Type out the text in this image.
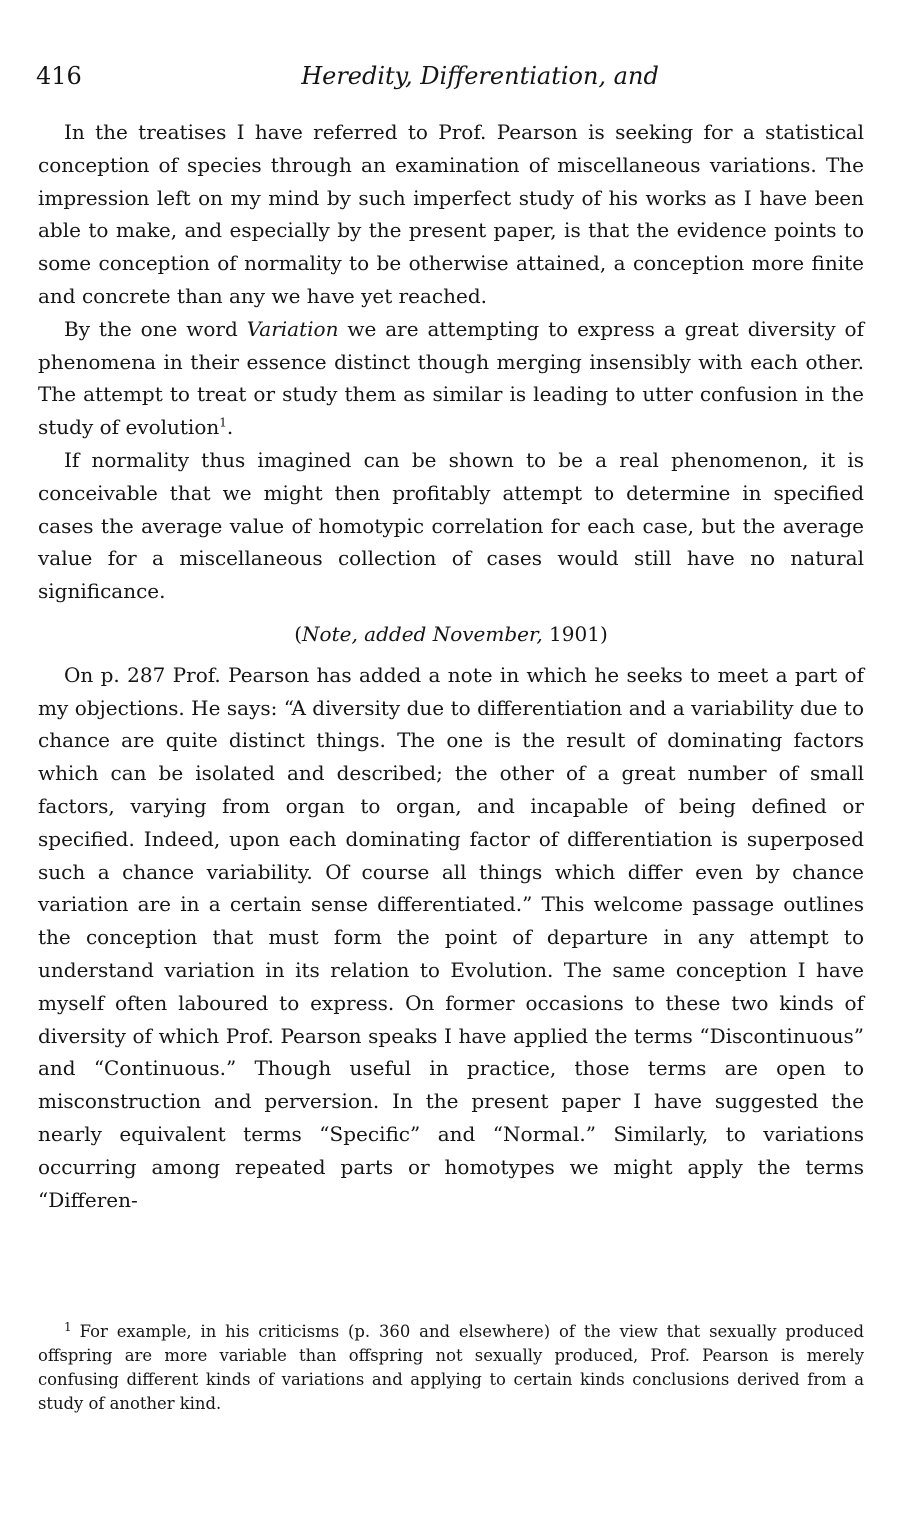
416	Heredity, Differentiation, and

In the treatises I have referred to Prof. Pearson is seeking for a statistical conception of species through an examination of miscellaneous variations. The impression left on my mind by such imperfect study of his works as I have been able to make, and especially by the present paper, is that the evidence points to some conception of normality to be otherwise attained, a conception more finite and concrete than any we have yet reached.

By the one word Variation we are attempting to express a great diversity of phenomena in their essence distinct though merging insensibly with each other. The attempt to treat or study them as similar is leading to utter confusion in the study of evolution$^1$.

If normality thus imagined can be shown to be a real phenomenon, it is conceivable that we might then profitably attempt to determine in specified cases the average value of homotypic correlation for each case, but the average value for a miscellaneous collection of cases would still have no natural significance.

(Note, added November, 1901)

On p. 287 Prof. Pearson has added a note in which he seeks to meet a part of my objections. He says: “A diversity due to differentiation and a variability due to chance are quite distinct things. The one is the result of dominating factors which can be isolated and described; the other of a great number of small factors, varying from organ to organ, and incapable of being defined or specified. Indeed, upon each dominating factor of differentiation is superposed such a chance variability. Of course all things which differ even by chance variation are in a certain sense differentiated.” This welcome passage outlines the conception that must form the point of departure in any attempt to understand variation in its relation to Evolution. The same conception I have myself often laboured to express. On former occasions to these two kinds of diversity of which Prof. Pearson speaks I have applied the terms “Discontinuous” and “Continuous.” Though useful in practice, those terms are open to misconstruction and perversion. In the present paper I have suggested the nearly equivalent terms “Specific” and “Normal.” Similarly, to variations occurring among repeated parts or homotypes we might apply the terms “Differen-

$^1$ For example, in his criticisms (p. 360 and elsewhere) of the view that sexually produced offspring are more variable than offspring not sexually produced, Prof. Pearson is merely confusing different kinds of variations and applying to certain kinds conclusions derived from a study of another kind.
